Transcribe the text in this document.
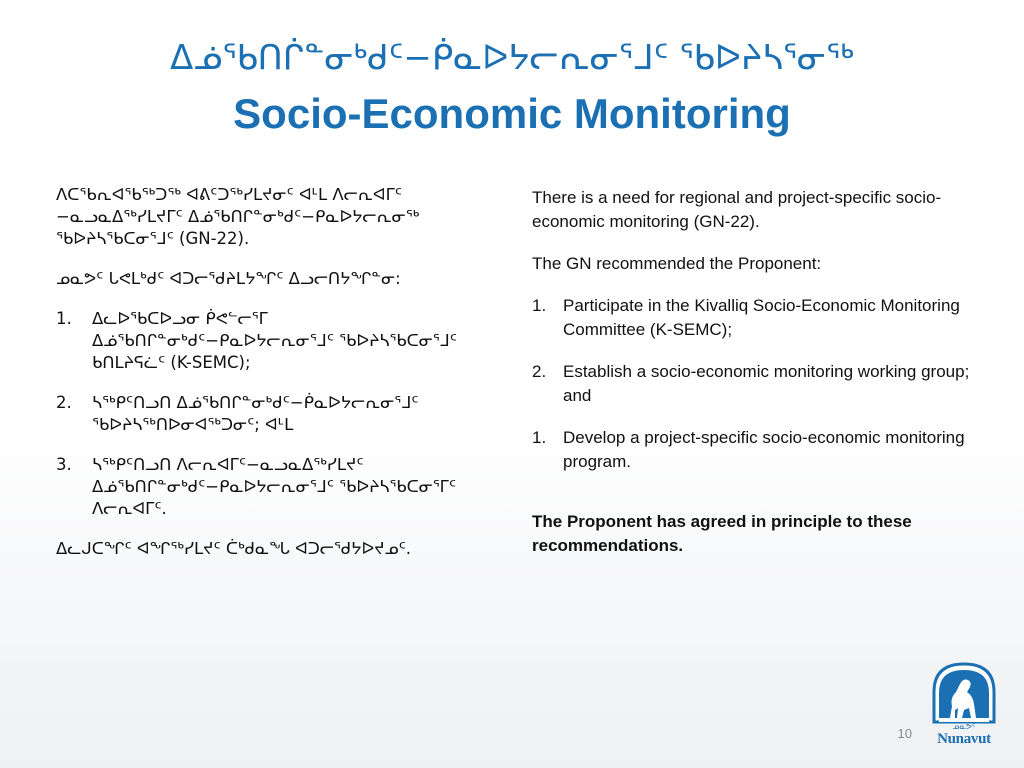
ᐃᓅᖃᑎᒌᓐᓂᒃᑯᑦ−ᑮᓇᐅᔭᓕᕆᓂᕐᒧᑦ ᖃᐅᔨᓴᕐᓂᖅ
Socio-Economic Monitoring

ᐱᑕᖃᕆᐊᖃᖅᑐᖅ ᐊᕕᑦᑐᖅᓯᒪᔪᓂᑦ ᐊᒻᒪ ᐱᓕᕆᐊᒥᑦ −ᓇᓗᓇᐃᖅᓯᒪᔪᒥᑦ ᐃᓅᖃᑎᒋᓐᓂᒃᑯᑦ−ᑭᓇᐅᔭᓕᕆᓂᖅ ᖃᐅᔨᓴᖃᑕᓂᕐᒧᑦ (GN-22).

ᓄᓇᕗᑦ ᒐᕙᒪᒃᑯᑦ ᐊᑐᓕᖁᔨᒪᔭᖏᑦ ᐃᓗᓕᑎᔭᖏᓐᓂ:

1.	ᐃᓚᐅᖃᑕᐅᓗᓂ ᑮᕙᓪᓕᕐᒥ ᐃᓅᖃᑎᒋᓐᓂᒃᑯᑦ−ᑭᓇᐅᔭᓕᕆᓂᕐᒧᑦ ᖃᐅᔨᓴᖃᑕᓂᕐᒧᑦ ᑲᑎᒪᔨᕋᓛᑦ (K-SEMC);
2.	ᓴᖅᑭᑦᑎᓗᑎ ᐃᓅᖃᑎᒋᓐᓂᒃᑯᑦ−ᑮᓇᐅᔭᓕᕆᓂᕐᒧᑦ ᖃᐅᔨᓴᖅᑎᐅᓂᐊᖅᑐᓂᑦ; ᐊᒻᒪ
3.	ᓴᖅᑭᑦᑎᓗᑎ ᐱᓕᕆᐊᒥᑦ−ᓇᓗᓇᐃᖅᓯᒪᔪᑦ ᐃᓅᖃᑎᒋᓐᓂᒃᑯᑦ−ᑭᓇᐅᔭᓕᕆᓂᕐᒧᑦ ᖃᐅᔨᓴᖃᑕᓂᕐᒥᑦ ᐱᓕᕆᐊᒥᑦ.

ᐃᓚᒍᑕᖏᑦ ᐊᖏᖅᓯᒪᔪᑦ ᑖᒃᑯᓇᖓ ᐊᑐᓕᖁᔭᐅᔪᓄᑦ.

There is a need for regional and project-specific socio-economic monitoring (GN-22).

The GN recommended the Proponent:

1. Participate in the Kivalliq Socio-Economic Monitoring Committee (K-SEMC);
2. Establish a socio-economic monitoring working group; and
1. Develop a project-specific socio-economic monitoring program.

The Proponent has agreed in principle to these recommendations.

10	ᓄᓇᕗᑦ
Nunavut
